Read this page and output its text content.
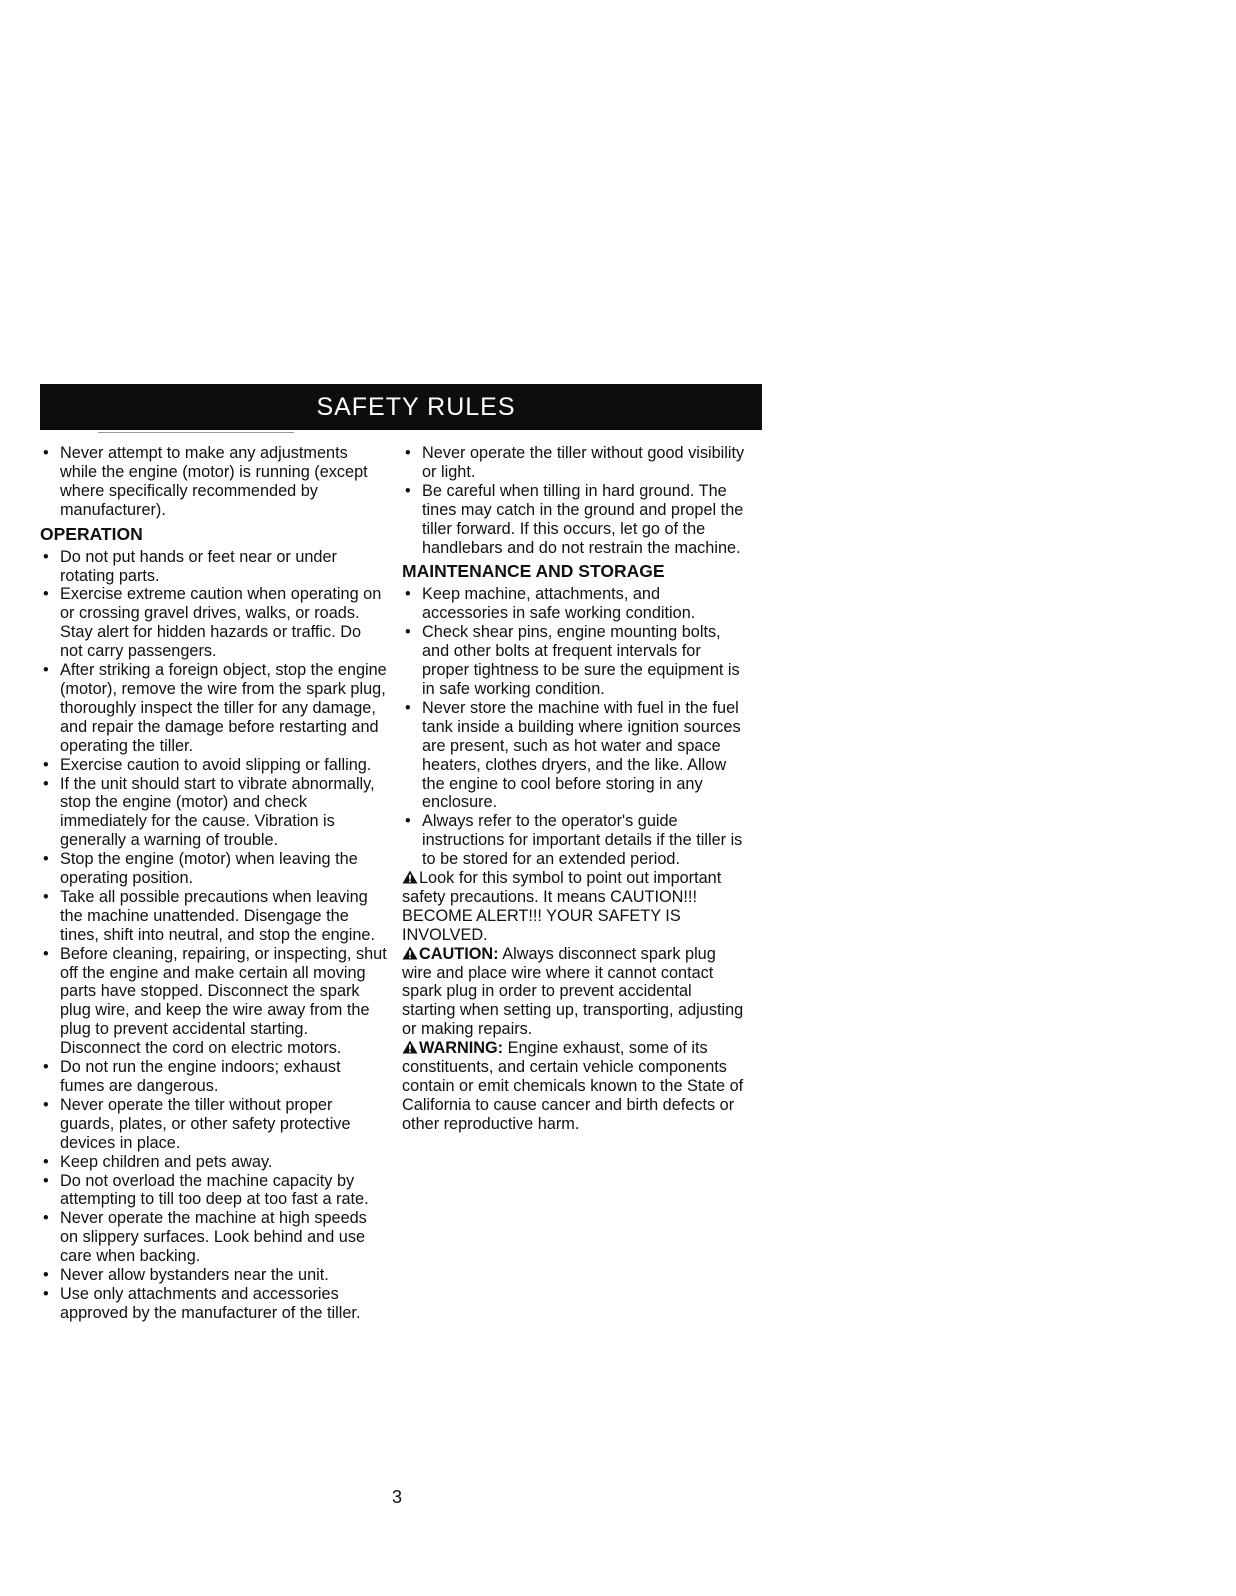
SAFETY RULES
• Never attempt to make any adjustments while the engine (motor) is running (except where specifically recommended by manufacturer).
OPERATION
• Do not put hands or feet near or under rotating parts.
• Exercise extreme caution when operating on or crossing gravel drives, walks, or roads. Stay alert for hidden hazards or traffic. Do not carry passengers.
• After striking a foreign object, stop the engine (motor), remove the wire from the spark plug, thoroughly inspect the tiller for any damage, and repair the damage before restarting and operating the tiller.
• Exercise caution to avoid slipping or falling.
• If the unit should start to vibrate abnormally, stop the engine (motor) and check immediately for the cause. Vibration is generally a warning of trouble.
• Stop the engine (motor) when leaving the operating position.
• Take all possible precautions when leaving the machine unattended. Disengage the tines, shift into neutral, and stop the engine.
• Before cleaning, repairing, or inspecting, shut off the engine and make certain all moving parts have stopped. Disconnect the spark plug wire, and keep the wire away from the plug to prevent accidental starting. Disconnect the cord on electric motors.
• Do not run the engine indoors; exhaust fumes are dangerous.
• Never operate the tiller without proper guards, plates, or other safety protective devices in place.
• Keep children and pets away.
• Do not overload the machine capacity by attempting to till too deep at too fast a rate.
• Never operate the machine at high speeds on slippery surfaces. Look behind and use care when backing.
• Never allow bystanders near the unit.
• Use only attachments and accessories approved by the manufacturer of the tiller.
• Never operate the tiller without good visibility or light.
• Be careful when tilling in hard ground. The tines may catch in the ground and propel the tiller forward. If this occurs, let go of the handlebars and do not restrain the machine.
MAINTENANCE AND STORAGE
• Keep machine, attachments, and accessories in safe working condition.
• Check shear pins, engine mounting bolts, and other bolts at frequent intervals for proper tightness to be sure the equipment is in safe working condition.
• Never store the machine with fuel in the fuel tank inside a building where ignition sources are present, such as hot water and space heaters, clothes dryers, and the like. Allow the engine to cool before storing in any enclosure.
• Always refer to the operator's guide instructions for important details if the tiller is to be stored for an extended period.

Look for this symbol to point out important safety precautions. It means CAUTION!!! BECOME ALERT!!! YOUR SAFETY IS INVOLVED.

CAUTION: Always disconnect spark plug wire and place wire where it cannot contact spark plug in order to prevent accidental starting when setting up, transporting, adjusting or making repairs.

WARNING: Engine exhaust, some of its constituents, and certain vehicle components contain or emit chemicals known to the State of California to cause cancer and birth defects or other reproductive harm.

3
